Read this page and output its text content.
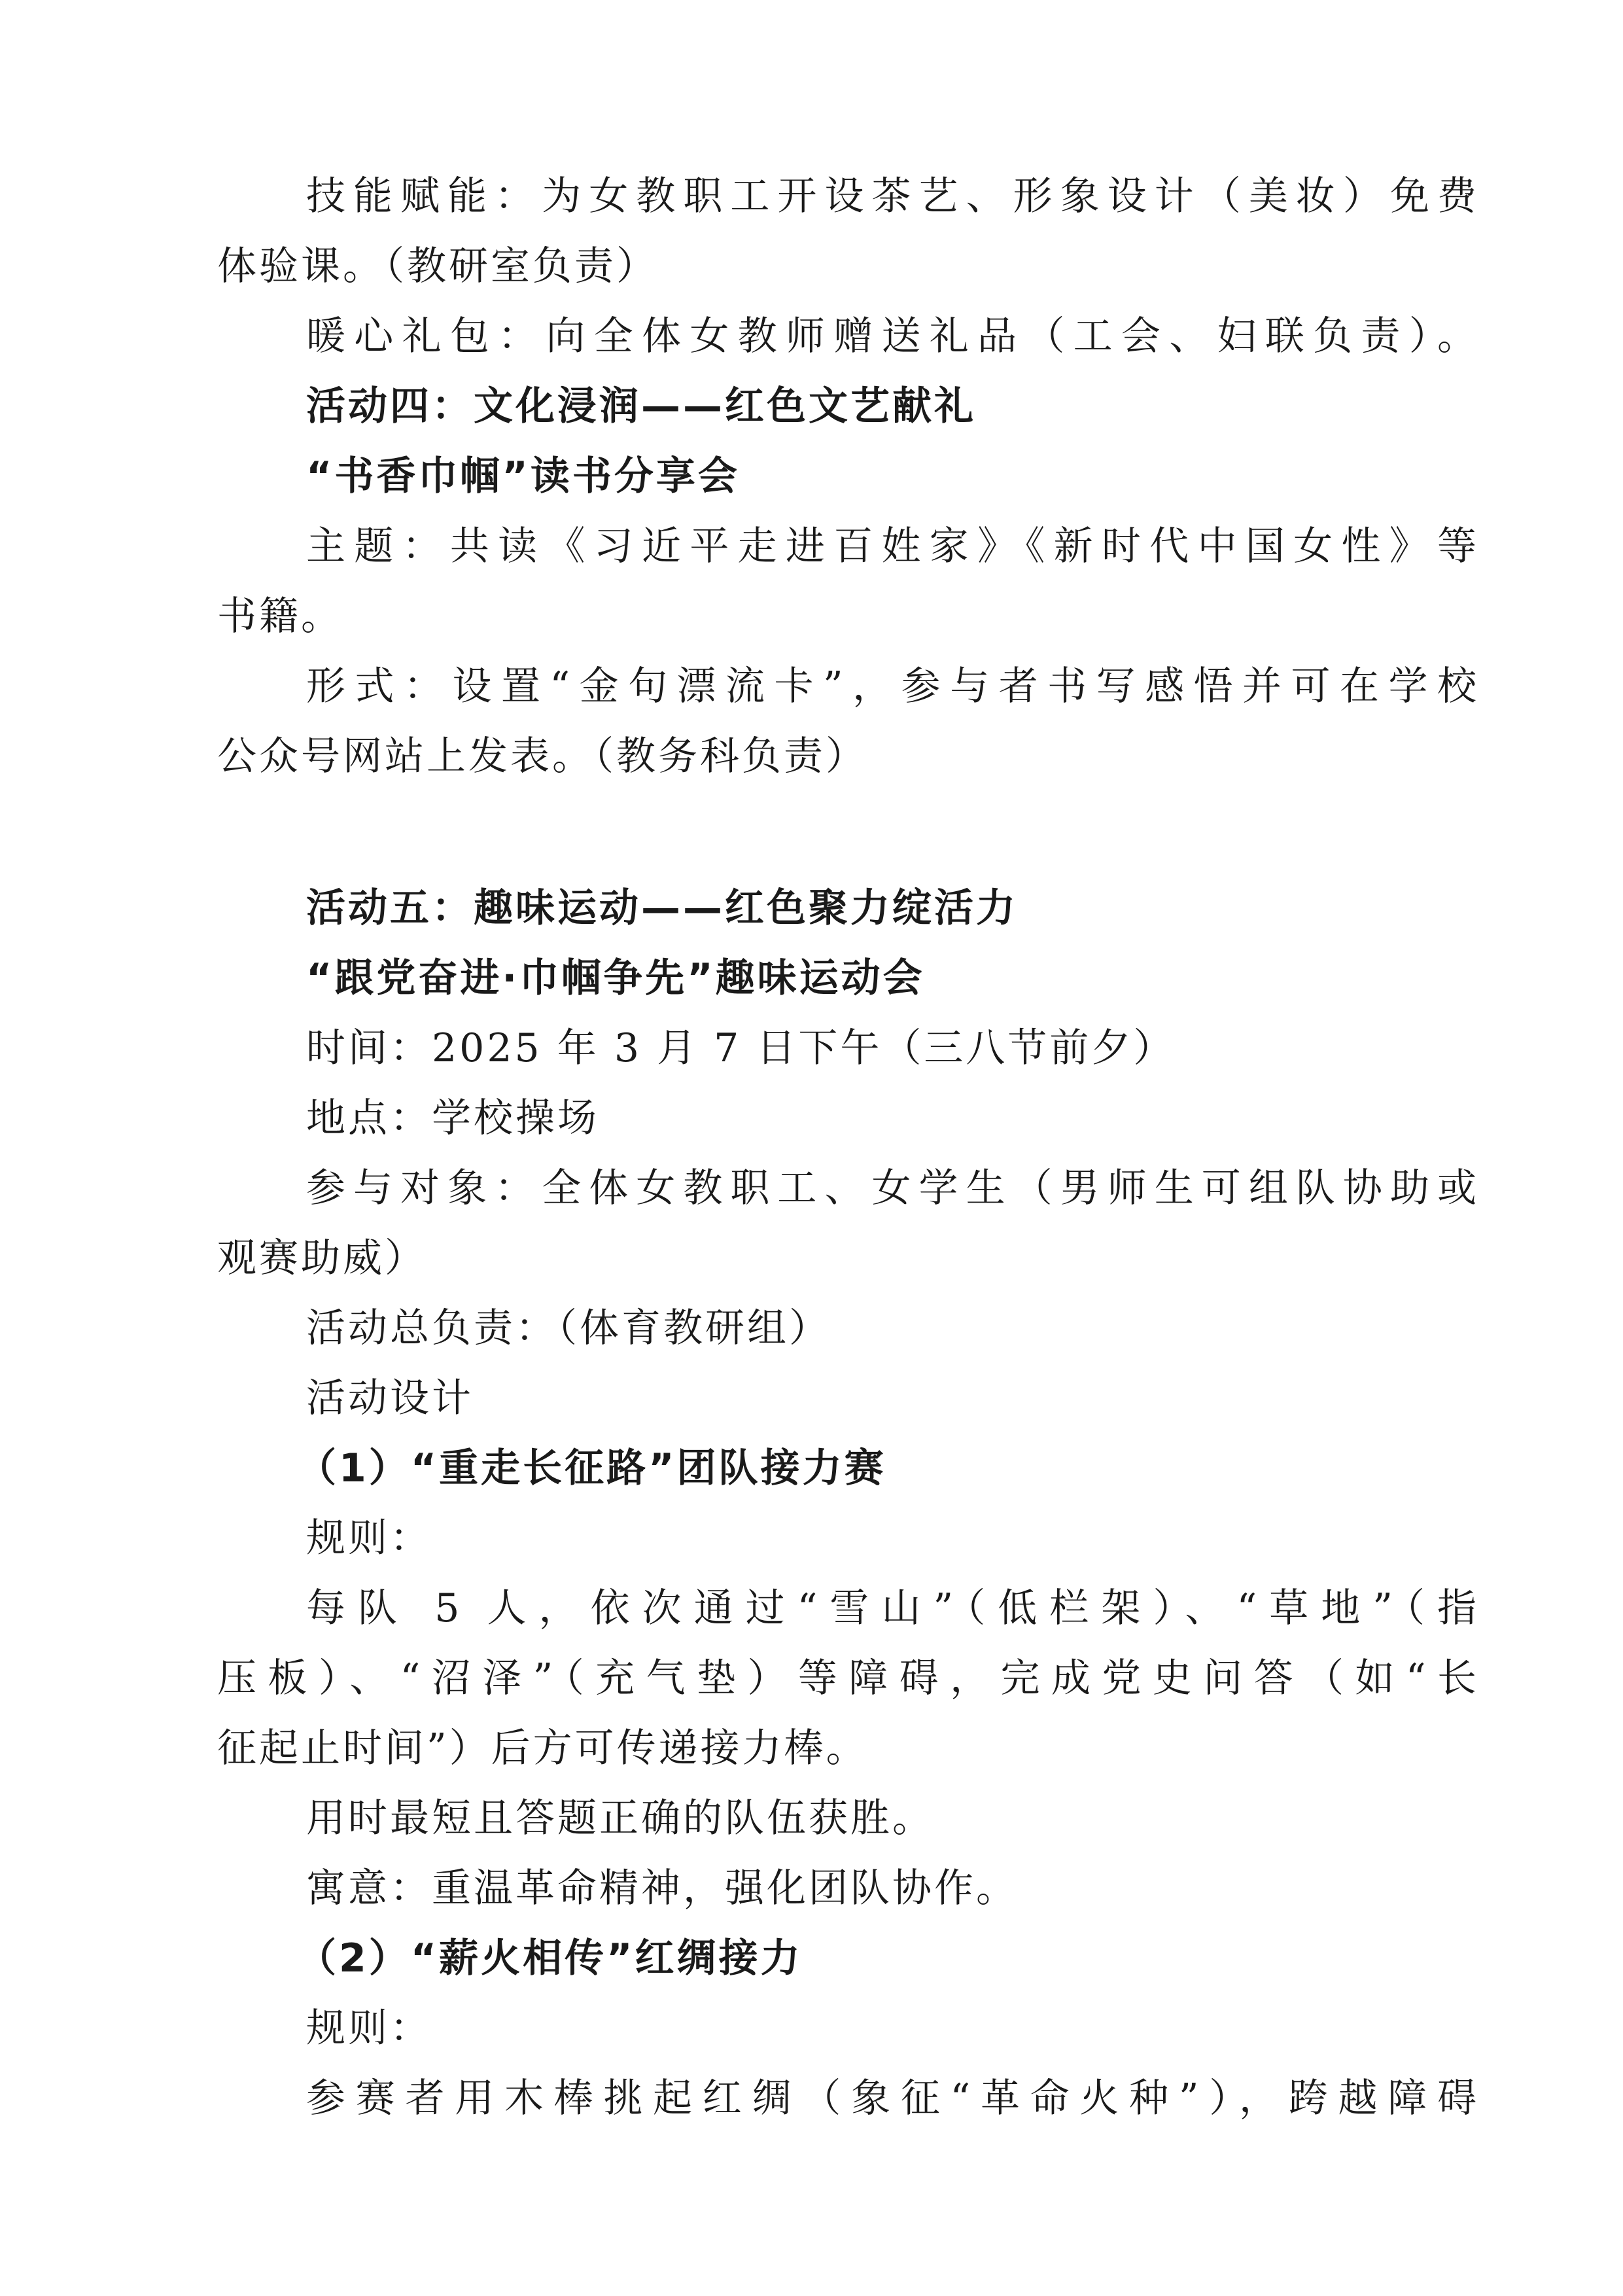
技能赋能：为女教职工开设茶艺、形象设计（美妆）免费
体验课。（教研室负责）
暖心礼包：向全体女教师赠送礼品（工会、妇联负责）。
活动四：文化浸润——红色文艺献礼
“书香巾帼”读书分享会
主题：共读《习近平走进百姓家》《新时代中国女性》等
书籍。
形式：设置“金句漂流卡”，参与者书写感悟并可在学校
公众号网站上发表。（教务科负责）
活动五：趣味运动——红色聚力绽活力
“跟党奋进·巾帼争先”趣味运动会
时间：2025 年 3 月 7 日下午（三八节前夕）
地点：学校操场
参与对象：全体女教职工、女学生（男师生可组队协助或
观赛助威）
活动总负责：（体育教研组）
活动设计
（1）“重走长征路”团队接力赛
规则：
每队 5 人，依次通过“雪山”（低栏架）、“草地”（指
压板）、“沼泽”（充气垫）等障碍，完成党史问答（如“长
征起止时间”）后方可传递接力棒。
用时最短且答题正确的队伍获胜。
寓意：重温革命精神，强化团队协作。
（2）“薪火相传”红绸接力
规则：
参赛者用木棒挑起红绸（象征“革命火种”），跨越障碍
